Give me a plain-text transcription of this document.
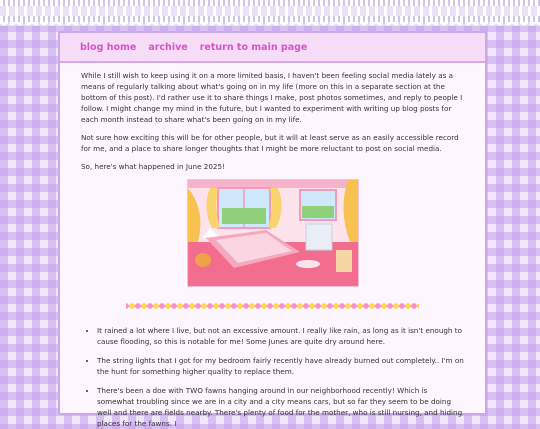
blog home archive return to main page

While I still wish to keep using it on a more limited basis, I haven't been feeling social media lately as a means of regularly talking about what's going on in my life (more on this in a separate section at the bottom of this post). I'd rather use it to share things I make, post photos sometimes, and reply to people I follow. I might change my mind in the future, but I wanted to experiment with writing up blog posts for each month instead to share what's been going on in my life.

Not sure how exciting this will be for other people, but it will at least serve as an easily accessible record for me, and a place to share longer thoughts that I might be more reluctant to post on social media.

So, here's what happened in June 2025!

• It rained a lot where I live, but not an excessive amount. I really like rain, as long as it isn't enough to cause flooding, so this is notable for me! Some Junes are quite dry around here.
• The string lights that I got for my bedroom fairly recently have already burned out completely.. I'm on the hunt for something higher quality to replace them.
• There's been a doe with TWO fawns hanging around in our neighborhood recently! Which is somewhat troubling since we are in a city and a city means cars, but so far they seem to be doing well and there are fields nearby. There's plenty of food for the mother, who is still nursing, and hiding places for the fawns. I
